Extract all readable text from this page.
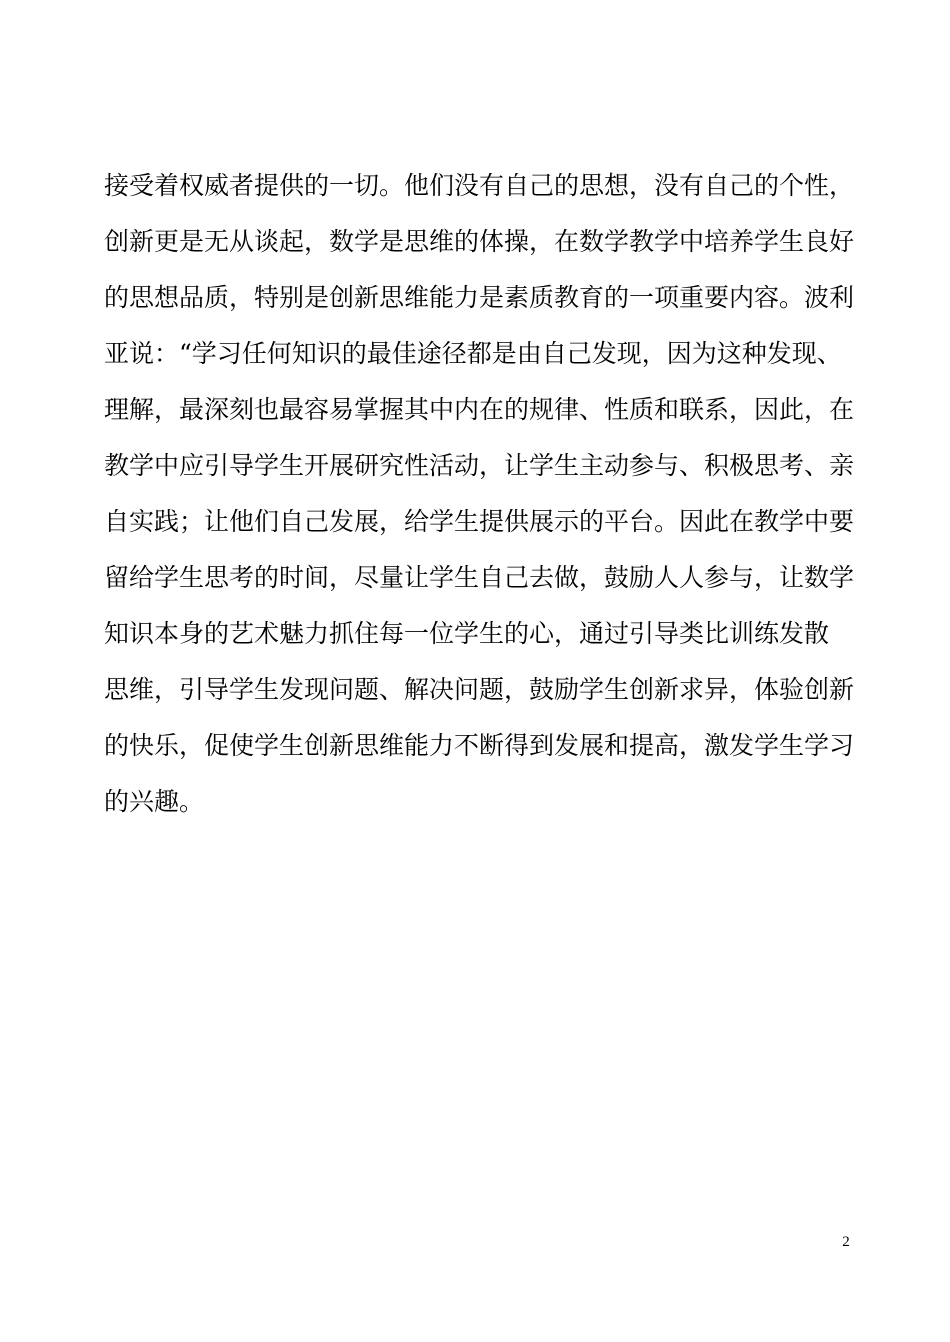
接受着权威者提供的一切。他们没有自己的思想，没有自己的个性，
创新更是无从谈起，数学是思维的体操，在数学教学中培养学生良好
的思想品质，特别是创新思维能力是素质教育的一项重要内容。波利
亚说：“学习任何知识的最佳途径都是由自己发现，因为这种发现、
理解，最深刻也最容易掌握其中内在的规律、性质和联系，因此，在
教学中应引导学生开展研究性活动，让学生主动参与、积极思考、亲
自实践；让他们自己发展，给学生提供展示的平台。因此在教学中要
留给学生思考的时间，尽量让学生自己去做，鼓励人人参与，让数学
知识本身的艺术魅力抓住每一位学生的心，通过引导类比训练发散
思维，引导学生发现问题、解决问题，鼓励学生创新求异，体验创新
的快乐，促使学生创新思维能力不断得到发展和提高，激发学生学习
的兴趣。
2
